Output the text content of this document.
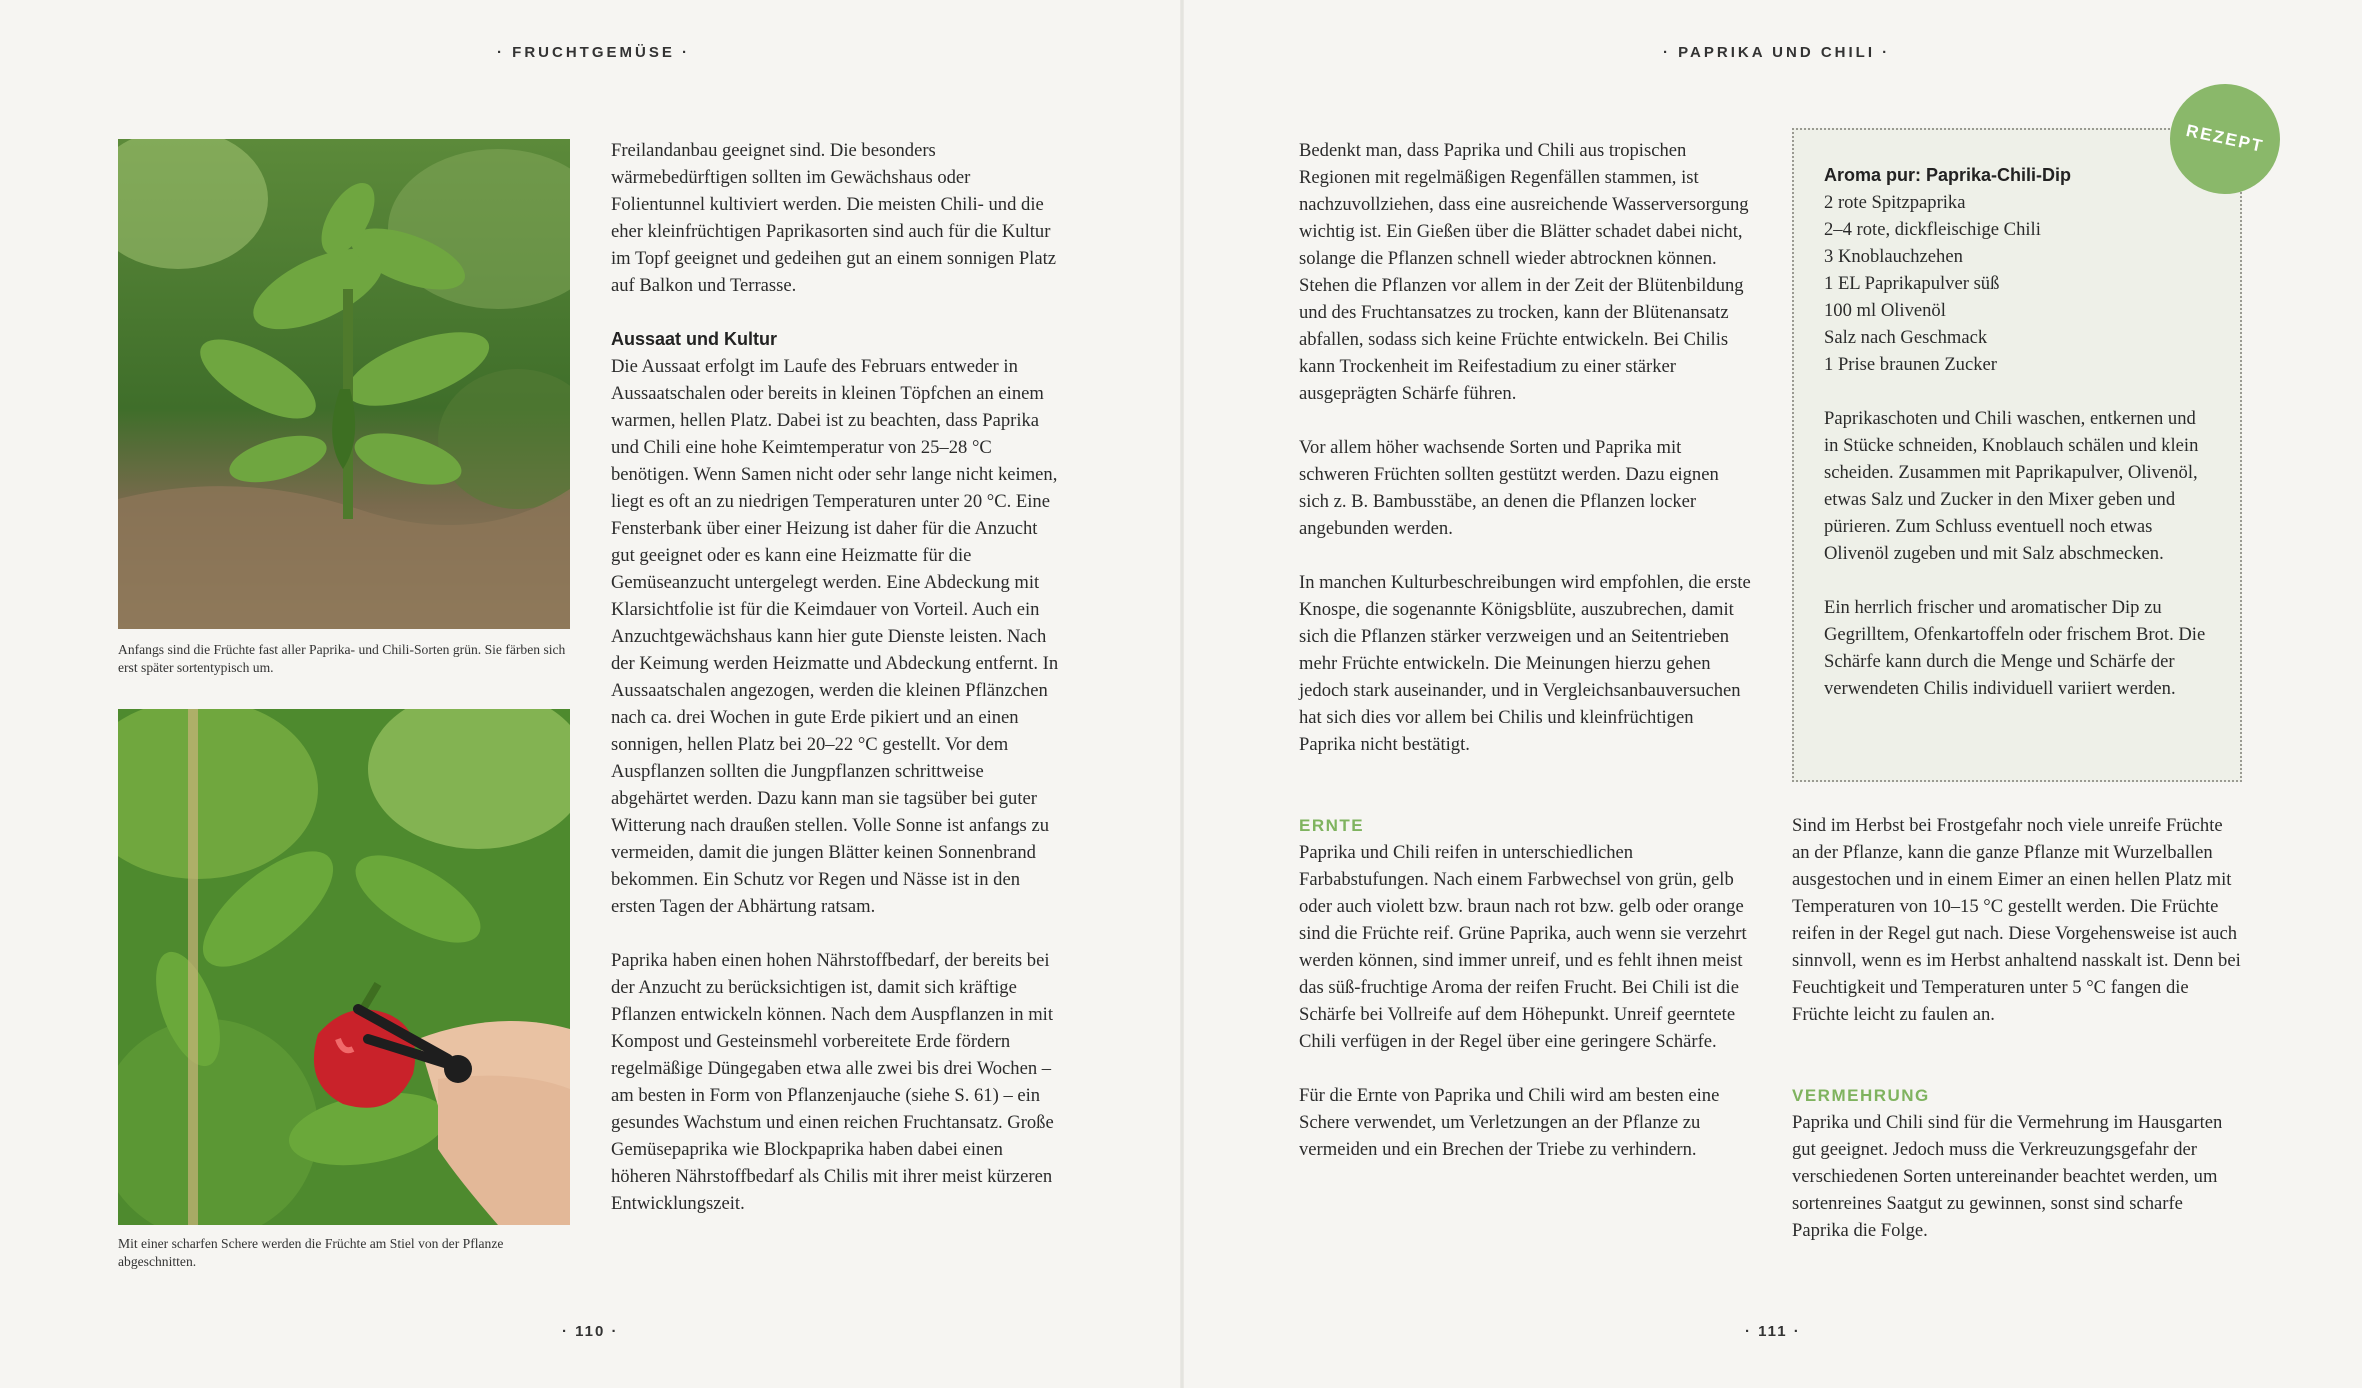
· FRUCHTGEMÜSE ·
Anfangs sind die Früchte fast aller Paprika- und Chili-Sorten grün. Sie färben sich erst später sortentypisch um.
Mit einer scharfen Schere werden die Früchte am Stiel von der Pflanze abgeschnitten.

Freilandanbau geeignet sind. Die besonders wärmebedürftigen sollten im Gewächshaus oder Folientunnel kultiviert werden. Die meisten Chili- und die eher kleinfrüchtigen Paprikasorten sind auch für die Kultur im Topf geeignet und gedeihen gut an einem sonnigen Platz auf Balkon und Terrasse.

Aussaat und Kultur

Die Aussaat erfolgt im Laufe des Februars entweder in Aussaatschalen oder bereits in kleinen Töpfchen an einem warmen, hellen Platz. Dabei ist zu beachten, dass Paprika und Chili eine hohe Keimtemperatur von 25–28 °C benötigen. Wenn Samen nicht oder sehr lange nicht keimen, liegt es oft an zu niedrigen Temperaturen unter 20 °C. Eine Fensterbank über einer Heizung ist daher für die Anzucht gut geeignet oder es kann eine Heizmatte für die Gemüseanzucht untergelegt werden. Eine Abdeckung mit Klarsichtfolie ist für die Keimdauer von Vorteil. Auch ein Anzuchtgewächshaus kann hier gute Dienste leisten. Nach der Keimung werden Heizmatte und Abdeckung entfernt. In Aussaatschalen angezogen, werden die kleinen Pflänzchen nach ca. drei Wochen in gute Erde pikiert und an einen sonnigen, hellen Platz bei 20–22 °C gestellt. Vor dem Auspflanzen sollten die Jungpflanzen schrittweise abgehärtet werden. Dazu kann man sie tagsüber bei guter Witterung nach draußen stellen. Volle Sonne ist anfangs zu vermeiden, damit die jungen Blätter keinen Sonnenbrand bekommen. Ein Schutz vor Regen und Nässe ist in den ersten Tagen der Abhärtung ratsam.

Paprika haben einen hohen Nährstoffbedarf, der bereits bei der Anzucht zu berücksichtigen ist, damit sich kräftige Pflanzen entwickeln können. Nach dem Auspflanzen in mit Kompost und Gesteinsmehl vorbereitete Erde fördern regelmäßige Düngegaben etwa alle zwei bis drei Wochen – am besten in Form von Pflanzenjauche (siehe S. 61) – ein gesundes Wachstum und einen reichen Fruchtansatz. Große Gemüsepaprika wie Blockpaprika haben dabei einen höheren Nährstoffbedarf als Chilis mit ihrer meist kürzeren Entwicklungszeit.

· 110 ·
· PAPRIKA UND CHILI ·

Bedenkt man, dass Paprika und Chili aus tropischen Regionen mit regelmäßigen Regenfällen stammen, ist nachzuvollziehen, dass eine ausreichende Wasserversorgung wichtig ist. Ein Gießen über die Blätter schadet dabei nicht, solange die Pflanzen schnell wieder abtrocknen können. Stehen die Pflanzen vor allem in der Zeit der Blütenbildung und des Fruchtansatzes zu trocken, kann der Blütenansatz abfallen, sodass sich keine Früchte entwickeln. Bei Chilis kann Trockenheit im Reifestadium zu einer stärker ausgeprägten Schärfe führen.

Vor allem höher wachsende Sorten und Paprika mit schweren Früchten sollten gestützt werden. Dazu eignen sich z. B. Bambusstäbe, an denen die Pflanzen locker angebunden werden.

In manchen Kulturbeschreibungen wird empfohlen, die erste Knospe, die sogenannte Königsblüte, auszubrechen, damit sich die Pflanzen stärker verzweigen und an Seitentrieben mehr Früchte entwickeln. Die Meinungen hierzu gehen jedoch stark auseinander, und in Vergleichsanbauversuchen hat sich dies vor allem bei Chilis und kleinfrüchtigen Paprika nicht bestätigt.

ERNTE

Paprika und Chili reifen in unterschiedlichen Farbabstufungen. Nach einem Farbwechsel von grün, gelb oder auch violett bzw. braun nach rot bzw. gelb oder orange sind die Früchte reif. Grüne Paprika, auch wenn sie verzehrt werden können, sind immer unreif, und es fehlt ihnen meist das süß-fruchtige Aroma der reifen Frucht. Bei Chili ist die Schärfe bei Vollreife auf dem Höhepunkt. Unreif geerntete Chili verfügen in der Regel über eine geringere Schärfe.

Für die Ernte von Paprika und Chili wird am besten eine Schere verwendet, um Verletzungen an der Pflanze zu vermeiden und ein Brechen der Triebe zu verhindern.

Aroma pur: Paprika-Chili-Dip
2 rote Spitzpaprika
2–4 rote, dickfleischige Chili
3 Knoblauchzehen
1 EL Paprikapulver süß
100 ml Olivenöl
Salz nach Geschmack
1 Prise braunen Zucker

Paprikaschoten und Chili waschen, entkernen und in Stücke schneiden, Knoblauch schälen und klein scheiden. Zusammen mit Paprikapulver, Olivenöl, etwas Salz und Zucker in den Mixer geben und pürieren. Zum Schluss eventuell noch etwas Olivenöl zugeben und mit Salz abschmecken.

Ein herrlich frischer und aromatischer Dip zu Gegrilltem, Ofenkartoffeln oder frischem Brot. Die Schärfe kann durch die Menge und Schärfe der verwendeten Chilis individuell variiert werden.

REZEPT

Sind im Herbst bei Frostgefahr noch viele unreife Früchte an der Pflanze, kann die ganze Pflanze mit Wurzelballen ausgestochen und in einem Eimer an einen hellen Platz mit Temperaturen von 10–15 °C gestellt werden. Die Früchte reifen in der Regel gut nach. Diese Vorgehensweise ist auch sinnvoll, wenn es im Herbst anhaltend nasskalt ist. Denn bei Feuchtigkeit und Temperaturen unter 5 °C fangen die Früchte leicht zu faulen an.

VERMEHRUNG

Paprika und Chili sind für die Vermehrung im Hausgarten gut geeignet. Jedoch muss die Verkreuzungsgefahr der verschiedenen Sorten untereinander beachtet werden, um sortenreines Saatgut zu gewinnen, sonst sind scharfe Paprika die Folge.

· 111 ·
